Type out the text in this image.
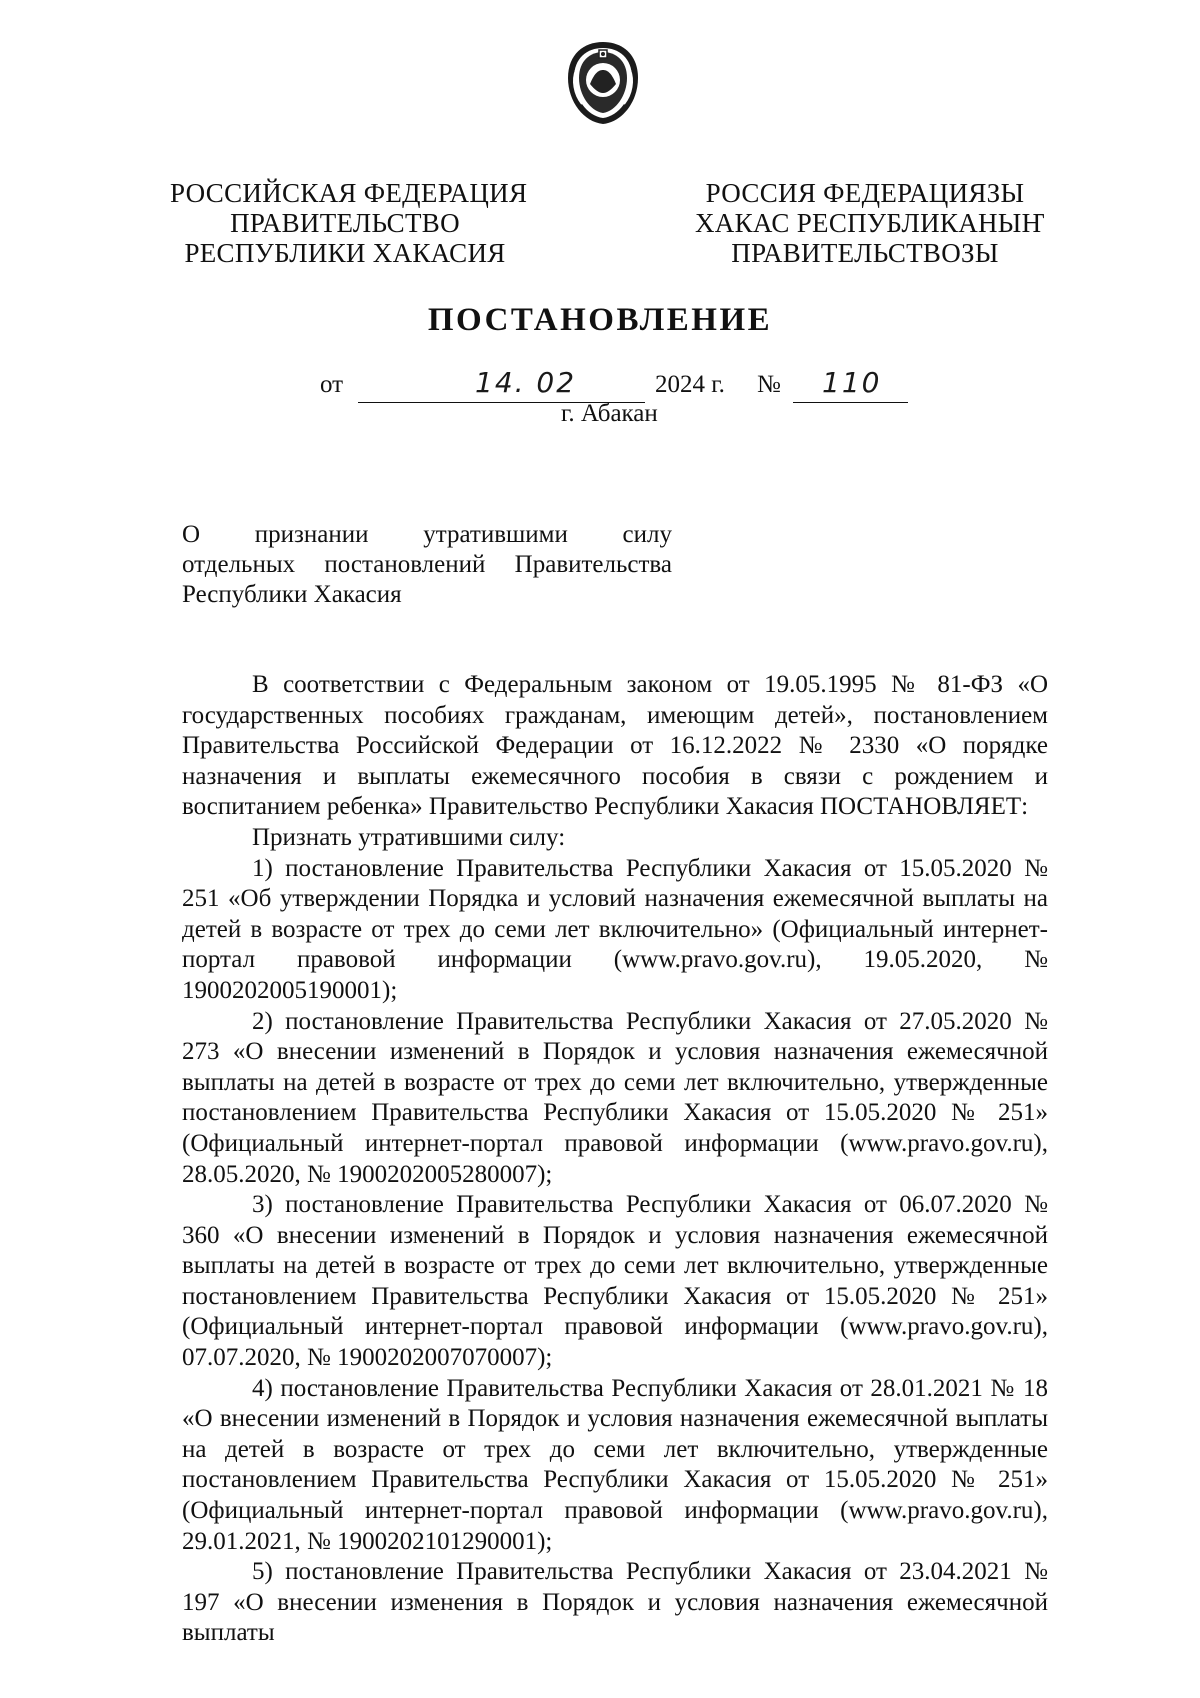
РОССИЙСКАЯ ФЕДЕРАЦИЯ
ПРАВИТЕЛЬСТВО
РЕСПУБЛИКИ ХАКАСИЯ
РОССИЯ ФЕДЕРАЦИЯЗЫ
ХАКАС РЕСПУБЛИКАНЫҤ
ПРАВИТЕЛЬСТВОЗЫ
ПОСТАНОВЛЕНИЕ
от	14. 02	2024 г. № 110
г. Абакан
О признании утратившими силу
отдельных постановлений Правительства
Республики Хакасия

В соответствии с Федеральным законом от 19.05.1995 № 81-ФЗ «О государственных пособиях гражданам, имеющим детей», постановлением Правительства Российской Федерации от 16.12.2022 № 2330 «О порядке назначения и выплаты ежемесячного пособия в связи с рождением и воспитанием ребенка» Правительство Республики Хакасия ПОСТАНОВЛЯЕТ:

Признать утратившими силу:

1) постановление Правительства Республики Хакасия от 15.05.2020 № 251 «Об утверждении Порядка и условий назначения ежемесячной выплаты на детей в возрасте от трех до семи лет включительно» (Официальный интернет-портал правовой информации (www.pravo.gov.ru), 19.05.2020, № 1900202005190001);

2) постановление Правительства Республики Хакасия от 27.05.2020 № 273 «О внесении изменений в Порядок и условия назначения ежемесячной выплаты на детей в возрасте от трех до семи лет включительно, утвержденные постановлением Правительства Республики Хакасия от 15.05.2020 № 251» (Официальный интернет-портал правовой информации (www.pravo.gov.ru), 28.05.2020, № 1900202005280007);

3) постановление Правительства Республики Хакасия от 06.07.2020 № 360 «О внесении изменений в Порядок и условия назначения ежемесячной выплаты на детей в возрасте от трех до семи лет включительно, утвержденные постановлением Правительства Республики Хакасия от 15.05.2020 № 251» (Официальный интернет-портал правовой информации (www.pravo.gov.ru), 07.07.2020, № 1900202007070007);

4) постановление Правительства Республики Хакасия от 28.01.2021 № 18 «О внесении изменений в Порядок и условия назначения ежемесячной выплаты на детей в возрасте от трех до семи лет включительно, утвержденные постановлением Правительства Республики Хакасия от 15.05.2020 № 251» (Официальный интернет-портал правовой информации (www.pravo.gov.ru), 29.01.2021, № 1900202101290001);

5) постановление Правительства Республики Хакасия от 23.04.2021 № 197 «О внесении изменения в Порядок и условия назначения ежемесячной выплаты
